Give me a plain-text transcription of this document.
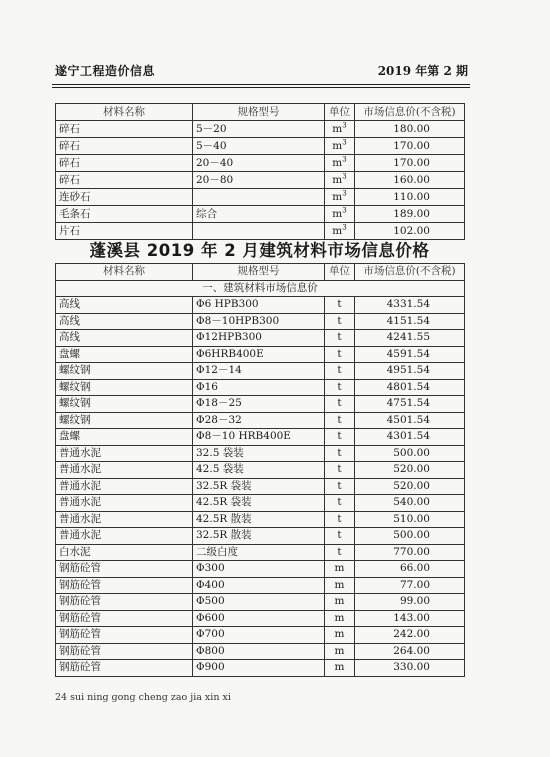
遂宁工程造价信息	2019 年第 2 期
材料名称	规格型号	单位	市场信息价(不含税)
碎石	5－20	$m^3$	180.00
碎石	5－40	$m^3$	170.00
碎石	20－40	$m^3$	170.00
碎石	20－80	$m^3$	160.00
连砂石		$m^3$	110.00
毛条石	综合	$m^3$	189.00
片石		$m^3$	102.00
蓬溪县 2019 年 2 月建筑材料市场信息价格
材料名称	规格型号	单位	市场信息价(不含税)
一、建筑材料市场信息价			
高线	Φ6 HPB300	t	4331.54
高线	Φ8－10HPB300	t	4151.54
高线	Φ12HPB300	t	4241.55
盘螺	Φ6HRB400E	t	4591.54
螺纹钢	Φ12－14	t	4951.54
螺纹钢	Φ16	t	4801.54
螺纹钢	Φ18－25	t	4751.54
螺纹钢	Φ28－32	t	4501.54
盘螺	Φ8－10 HRB400E	t	4301.54
普通水泥	32.5 袋装	t	500.00
普通水泥	42.5 袋装	t	520.00
普通水泥	32.5R 袋装	t	520.00
普通水泥	42.5R 袋装	t	540.00
普通水泥	42.5R 散装	t	510.00
普通水泥	32.5R 散装	t	500.00
白水泥	二级白度	t	770.00
钢筋砼管	Φ300	m	66.00
钢筋砼管	Φ400	m	77.00
钢筋砼管	Φ500	m	99.00
钢筋砼管	Φ600	m	143.00
钢筋砼管	Φ700	m	242.00
钢筋砼管	Φ800	m	264.00
钢筋砼管	Φ900	m	330.00
24 sui ning gong cheng zao jia xin xi
